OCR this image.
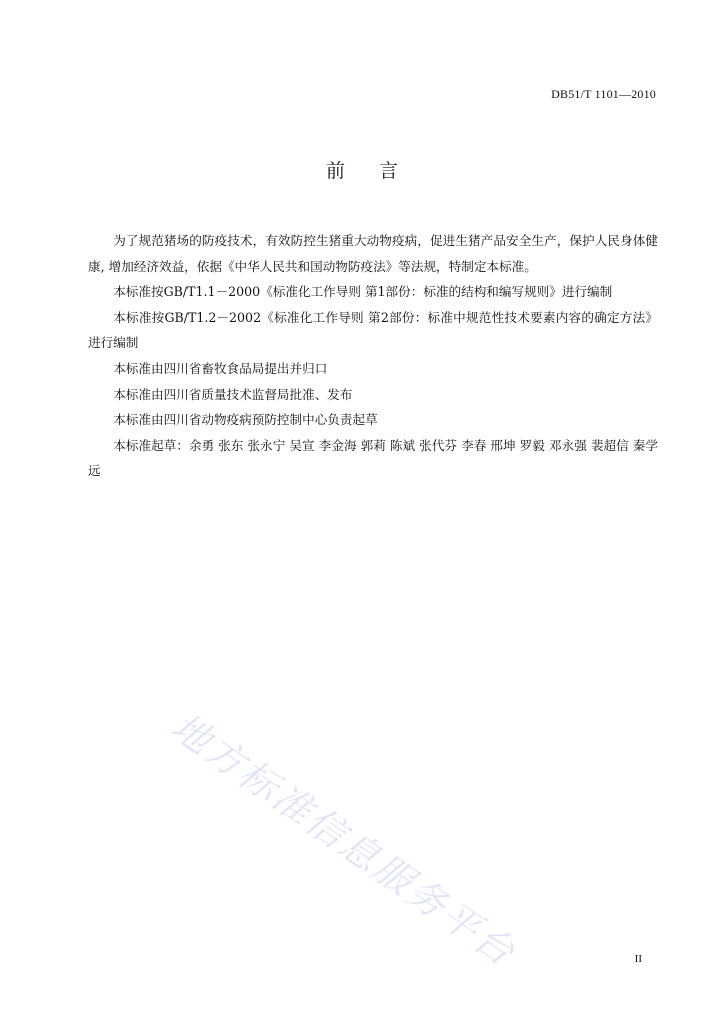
DB51/T 1101—2010
前言

为了规范猪场的防疫技术，有效防控生猪重大动物疫病，促进生猪产品安全生产，保护人民身体健康, 增加经济效益，依据《中华人民共和国动物防疫法》等法规，特制定本标准。

本标准按GB/T1.1－2000《标准化工作导则 第1部份：标准的结构和编写规则》进行编制

本标准按GB/T1.2－2002《标准化工作导则 第2部份：标准中规范性技术要素内容的确定方法》进行编制

本标准由四川省畜牧食品局提出并归口

本标准由四川省质量技术监督局批准、发布

本标准由四川省动物疫病预防控制中心负责起草

本标准起草：余勇 张东 张永宁 吴宣 李金海 郭莉 陈斌 张代芬 李春 邢坤 罗毅 邓永强 裴超信 秦学远

地方标准信息服务平台	II
